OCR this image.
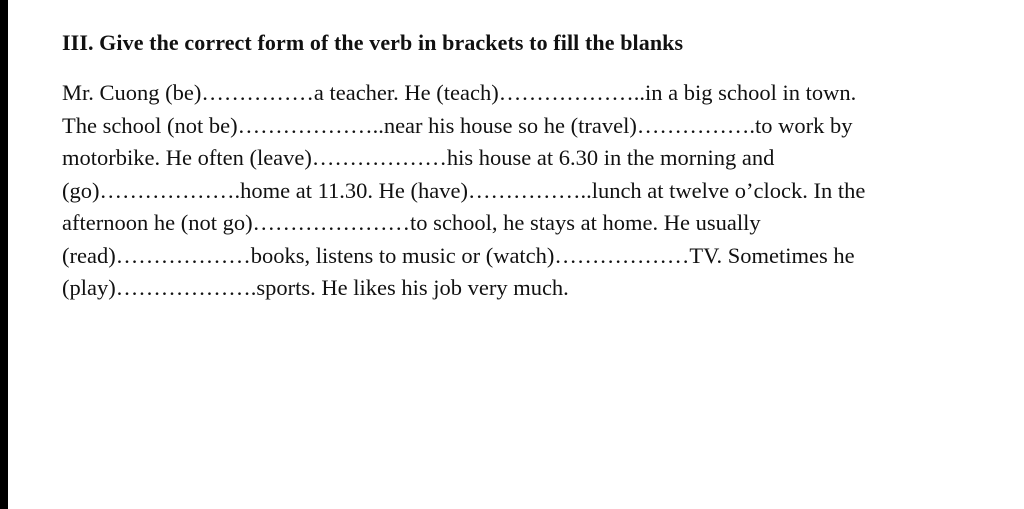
III. Give the correct form of the verb in brackets to fill the blanks
Mr. Cuong (be)……………a teacher. He (teach)………………..in a big school in town.
The school (not be)………………..near his house so he (travel)…………….to work by
motorbike. He often (leave)………………his house at 6.30 in the morning and
(go)……………….home at 11.30. He (have)……………..lunch at twelve o’clock. In the
afternoon he (not go)…………………to school, he stays at home. He usually
(read)………………books, listens to music or (watch)………………TV. Sometimes he
(play)……………….sports. He likes his job very much.
